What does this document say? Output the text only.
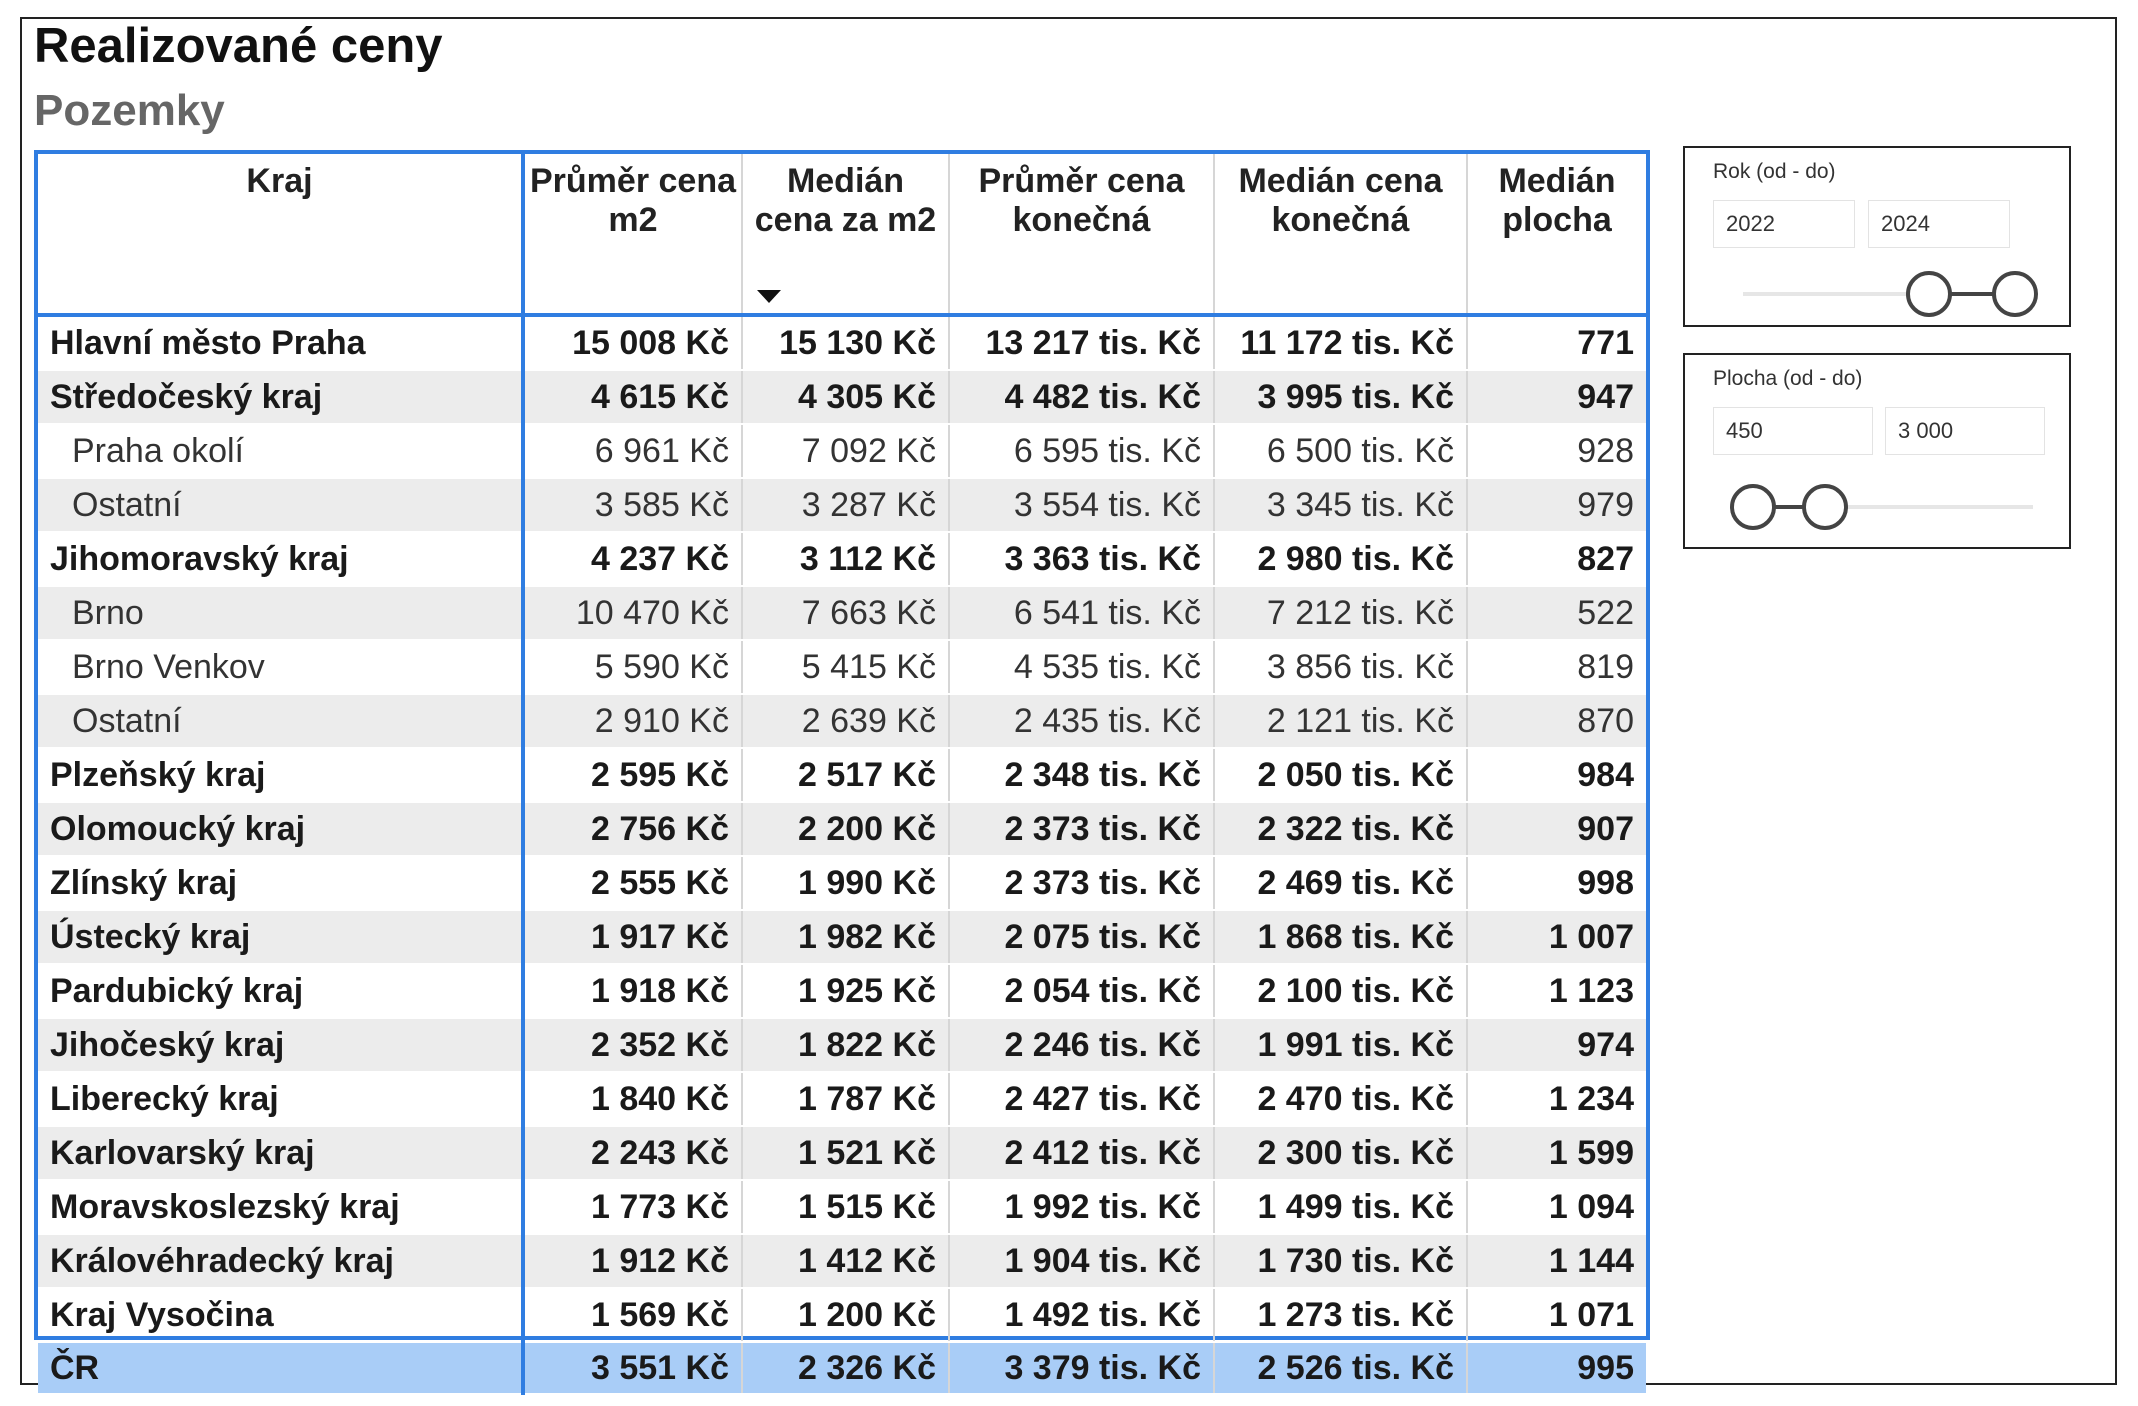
Realizované ceny
Pozemky
Kraj	Průměr cena m2	Medián cena za m2	Průměr cena konečná	Medián cena konečná	Medián plocha
Hlavní město Praha	15 008 Kč	15 130 Kč	13 217 tis. Kč	11 172 tis. Kč	771
Středočeský kraj	4 615 Kč	4 305 Kč	4 482 tis. Kč	3 995 tis. Kč	947
Praha okolí	6 961 Kč	7 092 Kč	6 595 tis. Kč	6 500 tis. Kč	928
Ostatní	3 585 Kč	3 287 Kč	3 554 tis. Kč	3 345 tis. Kč	979
Jihomoravský kraj	4 237 Kč	3 112 Kč	3 363 tis. Kč	2 980 tis. Kč	827
Brno	10 470 Kč	7 663 Kč	6 541 tis. Kč	7 212 tis. Kč	522
Brno Venkov	5 590 Kč	5 415 Kč	4 535 tis. Kč	3 856 tis. Kč	819
Ostatní	2 910 Kč	2 639 Kč	2 435 tis. Kč	2 121 tis. Kč	870
Plzeňský kraj	2 595 Kč	2 517 Kč	2 348 tis. Kč	2 050 tis. Kč	984
Olomoucký kraj	2 756 Kč	2 200 Kč	2 373 tis. Kč	2 322 tis. Kč	907
Zlínský kraj	2 555 Kč	1 990 Kč	2 373 tis. Kč	2 469 tis. Kč	998
Ústecký kraj	1 917 Kč	1 982 Kč	2 075 tis. Kč	1 868 tis. Kč	1 007
Pardubický kraj	1 918 Kč	1 925 Kč	2 054 tis. Kč	2 100 tis. Kč	1 123
Jihočeský kraj	2 352 Kč	1 822 Kč	2 246 tis. Kč	1 991 tis. Kč	974
Liberecký kraj	1 840 Kč	1 787 Kč	2 427 tis. Kč	2 470 tis. Kč	1 234
Karlovarský kraj	2 243 Kč	1 521 Kč	2 412 tis. Kč	2 300 tis. Kč	1 599
Moravskoslezský kraj	1 773 Kč	1 515 Kč	1 992 tis. Kč	1 499 tis. Kč	1 094
Královéhradecký kraj	1 912 Kč	1 412 Kč	1 904 tis. Kč	1 730 tis. Kč	1 144
Kraj Vysočina	1 569 Kč	1 200 Kč	1 492 tis. Kč	1 273 tis. Kč	1 071
ČR	3 551 Kč	2 326 Kč	3 379 tis. Kč	2 526 tis. Kč	995
Rok (od - do)
2022	2024
Plocha (od - do)
450	3 000
